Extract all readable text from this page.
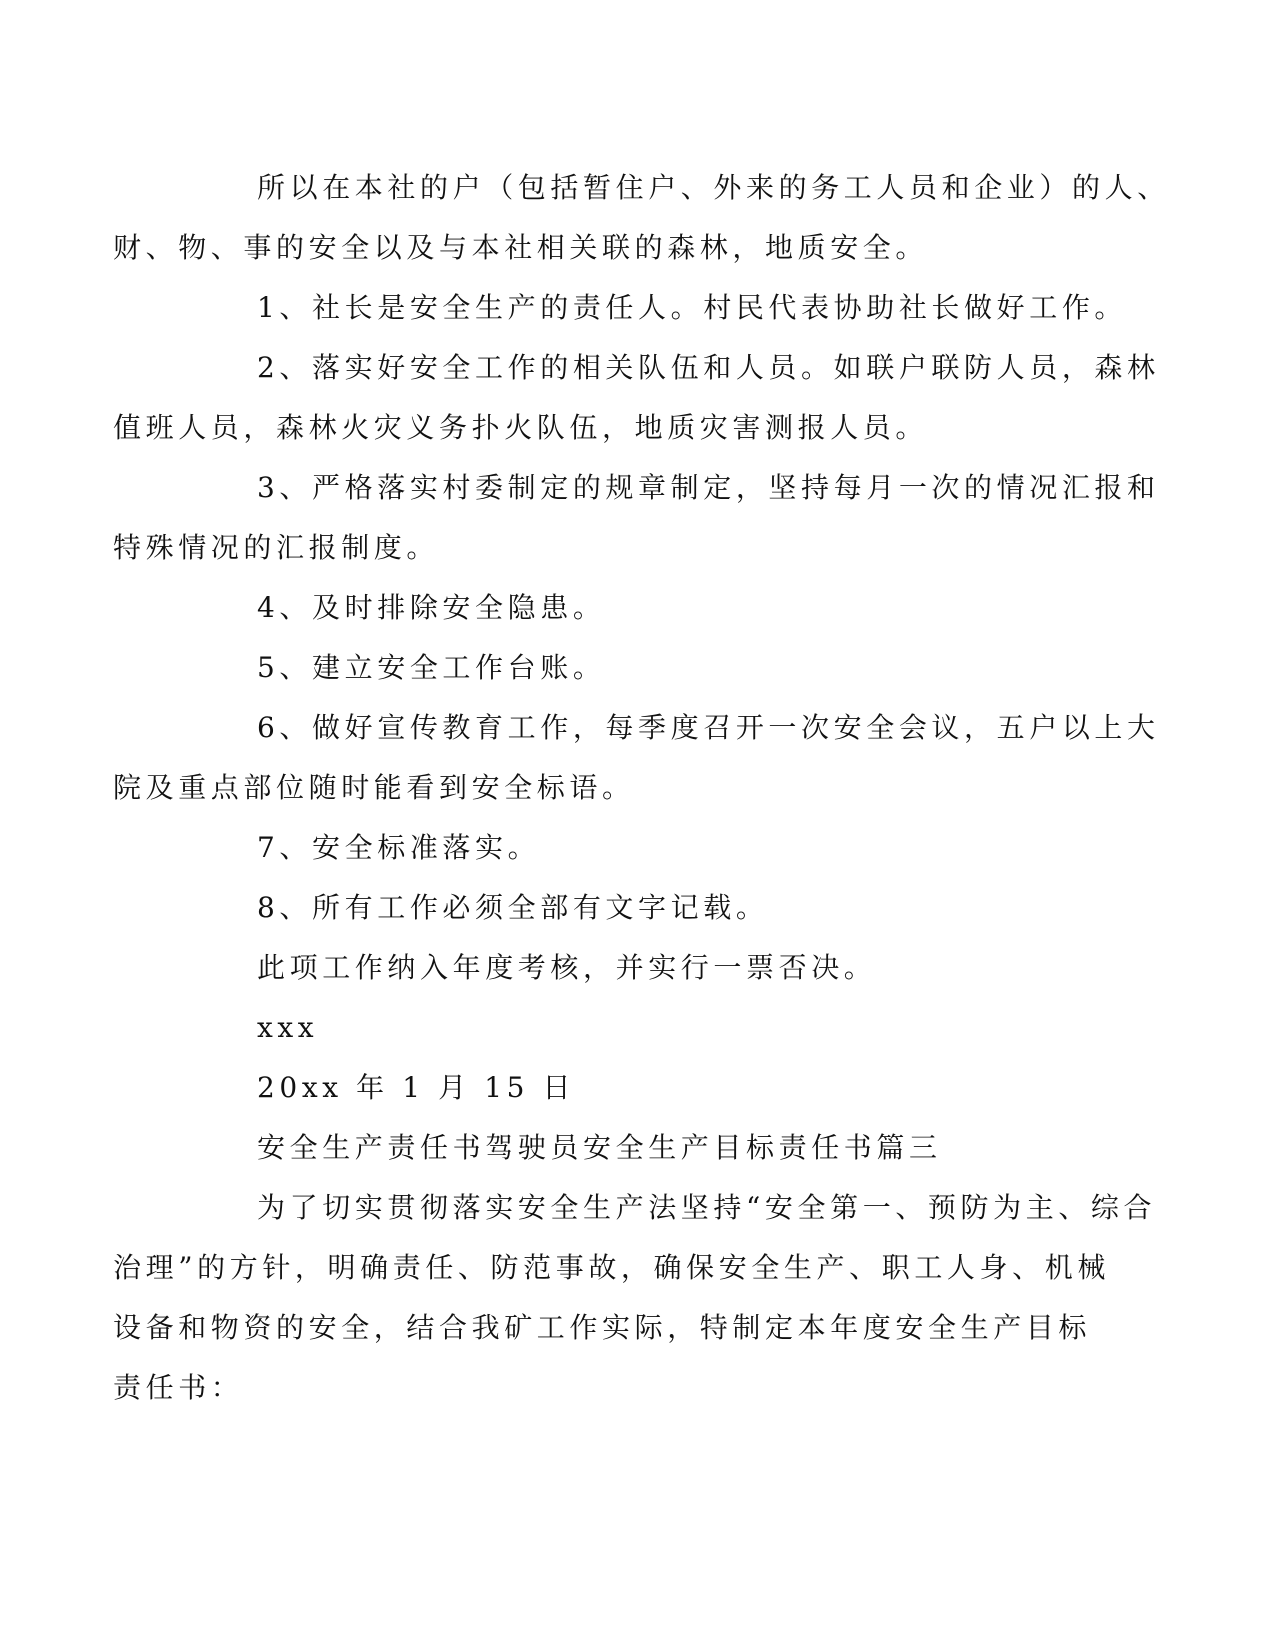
所以在本社的户（包括暂住户、外来的务工人员和企业）的人、
财、物、事的安全以及与本社相关联的森林，地质安全。

1、社长是安全生产的责任人。村民代表协助社长做好工作。

2、落实好安全工作的相关队伍和人员。如联户联防人员，森林
值班人员，森林火灾义务扑火队伍，地质灾害测报人员。

3、严格落实村委制定的规章制定，坚持每月一次的情况汇报和
特殊情况的汇报制度。

4、及时排除安全隐患。

5、建立安全工作台账。

6、做好宣传教育工作，每季度召开一次安全会议，五户以上大
院及重点部位随时能看到安全标语。

7、安全标准落实。

8、所有工作必须全部有文字记载。

此项工作纳入年度考核，并实行一票否决。

xxx

20xx 年 1 月 15 日

安全生产责任书驾驶员安全生产目标责任书篇三

为了切实贯彻落实安全生产法坚持“安全第一、预防为主、综合
治理”的方针，明确责任、防范事故，确保安全生产、职工人身、机械
设备和物资的安全，结合我矿工作实际，特制定本年度安全生产目标
责任书：
